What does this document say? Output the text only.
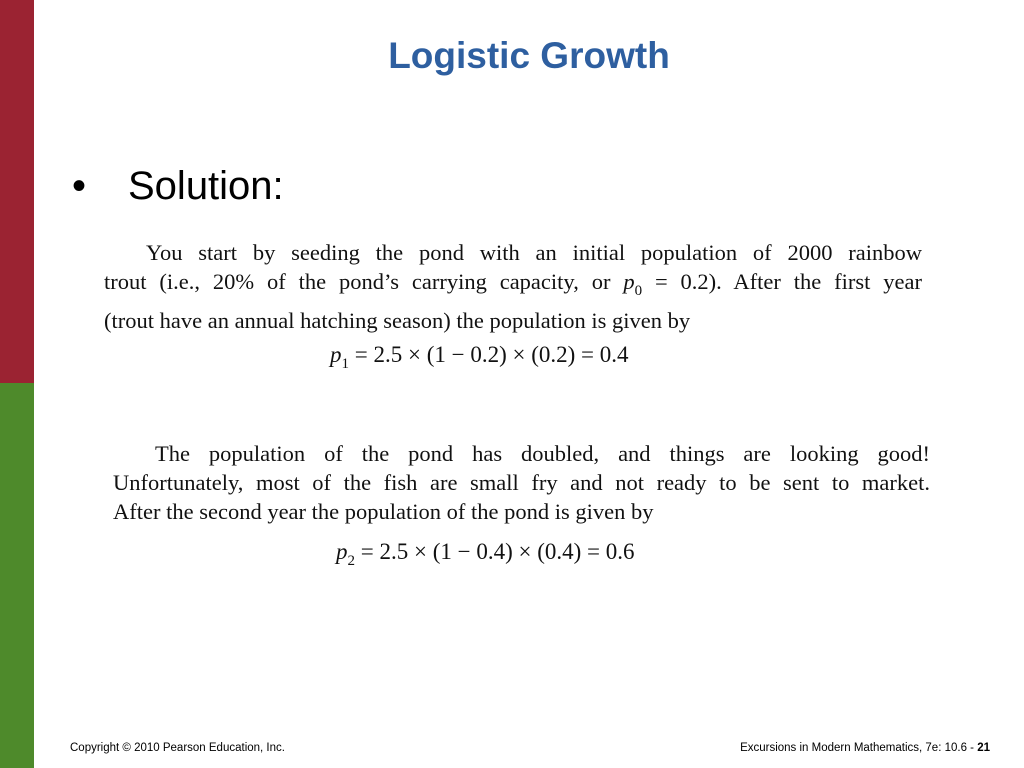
Logistic Growth
• Solution:
You start by seeding the pond with an initial population of 2000 rainbow
trout (i.e., 20% of the pond’s carrying capacity, or $p_0 = 0.2$). After the first year
(trout have an annual hatching season) the population is given by
$p_1 = 2.5 \times (1 - 0.2) \times (0.2) = 0.4$
The population of the pond has doubled, and things are looking good!
Unfortunately, most of the fish are small fry and not ready to be sent to market.
After the second year the population of the pond is given by
$p_2 = 2.5 \times (1 - 0.4) \times (0.4) = 0.6$
Copyright © 2010 Pearson Education, Inc.	Excursions in Modern Mathematics, 7e: 10.6 - 21
